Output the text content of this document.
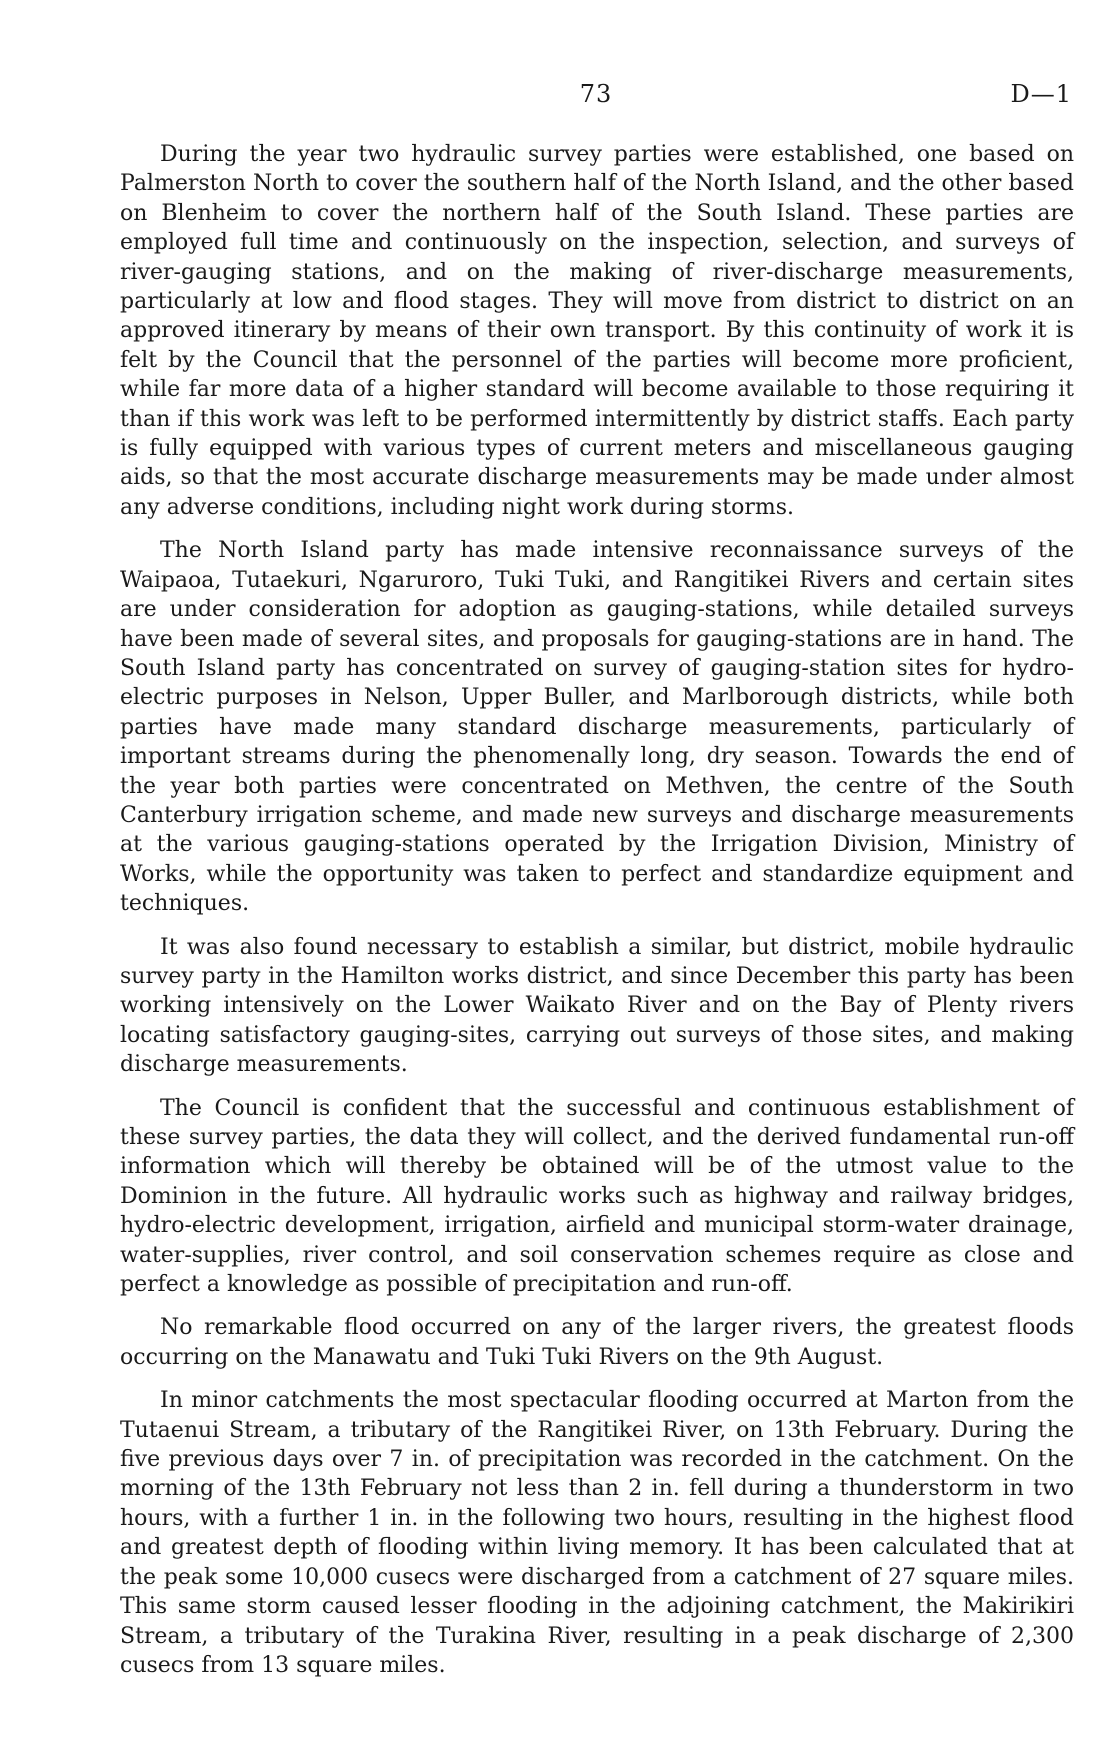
73	D—1

During the year two hydraulic survey parties were established, one based on Palmerston North to cover the southern half of the North Island, and the other based on Blenheim to cover the northern half of the South Island. These parties are employed full time and continuously on the inspection, selection, and surveys of river-gauging stations, and on the making of river-discharge measurements, particularly at low and flood stages. They will move from district to district on an approved itinerary by means of their own transport. By this continuity of work it is felt by the Council that the personnel of the parties will become more proficient, while far more data of a higher standard will become available to those requiring it than if this work was left to be performed intermittently by district staffs. Each party is fully equipped with various types of current meters and miscellaneous gauging aids, so that the most accurate discharge measurements may be made under almost any adverse conditions, including night work during storms.

The North Island party has made intensive reconnaissance surveys of the Waipaoa, Tutaekuri, Ngaruroro, Tuki Tuki, and Rangitikei Rivers and certain sites are under consideration for adoption as gauging-stations, while detailed surveys have been made of several sites, and proposals for gauging-stations are in hand. The South Island party has concentrated on survey of gauging-station sites for hydro-electric purposes in Nelson, Upper Buller, and Marlborough districts, while both parties have made many standard discharge measurements, particularly of important streams during the phenomenally long, dry season. Towards the end of the year both parties were concentrated on Methven, the centre of the South Canterbury irrigation scheme, and made new surveys and discharge measurements at the various gauging-stations operated by the Irrigation Division, Ministry of Works, while the opportunity was taken to perfect and standardize equipment and techniques.

It was also found necessary to establish a similar, but district, mobile hydraulic survey party in the Hamilton works district, and since December this party has been working intensively on the Lower Waikato River and on the Bay of Plenty rivers locating satisfactory gauging-sites, carrying out surveys of those sites, and making discharge measurements.

The Council is confident that the successful and continuous establishment of these survey parties, the data they will collect, and the derived fundamental run-off information which will thereby be obtained will be of the utmost value to the Dominion in the future. All hydraulic works such as highway and railway bridges, hydro-electric development, irrigation, airfield and municipal storm-water drainage, water-supplies, river control, and soil conservation schemes require as close and perfect a knowledge as possible of precipitation and run-off.

No remarkable flood occurred on any of the larger rivers, the greatest floods occurring on the Manawatu and Tuki Tuki Rivers on the 9th August.

In minor catchments the most spectacular flooding occurred at Marton from the Tutaenui Stream, a tributary of the Rangitikei River, on 13th February. During the five previous days over 7 in. of precipitation was recorded in the catchment. On the morning of the 13th February not less than 2 in. fell during a thunderstorm in two hours, with a further 1 in. in the following two hours, resulting in the highest flood and greatest depth of flooding within living memory. It has been calculated that at the peak some 10,000 cusecs were discharged from a catchment of 27 square miles. This same storm caused lesser flooding in the adjoining catchment, the Makirikiri Stream, a tributary of the Turakina River, resulting in a peak discharge of 2,300 cusecs from 13 square miles.
